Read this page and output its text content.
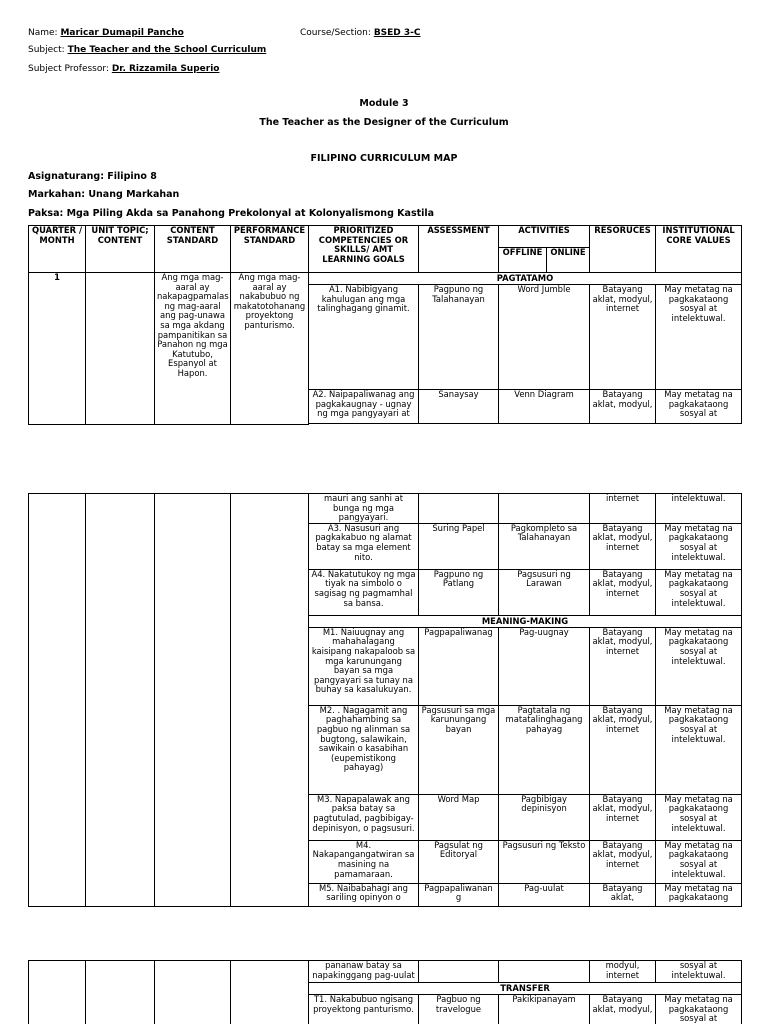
Name: Maricar Dumapil Pancho	Course/Section: BSED 3-C
Subject: The Teacher and the School Curriculum
Subject Professor: Dr. Rizzamila Superio
Module 3
The Teacher as the Designer of the Curriculum
FILIPINO CURRICULUM MAP
Asignaturang: Filipino 8
Markahan: Unang Markahan
Paksa: Mga Piling Akda sa Panahong Prekolonyal at Kolonyalismong Kastila
QUARTER / MONTH	UNIT TOPIC; CONTENT	CONTENT STANDARD	PERFORMANCE STANDARD	PRIORITIZED COMPETENCIES OR SKILLS/ AMT LEARNING GOALS	ASSESSMENT	ACTIVITIES		RESORUCES	INSTITUTIONAL CORE VALUES
						OFFLINE	ONLINE		
1		Ang mga mag-aaral ay nakapagpamalas ng mag-aaral ang pag-unawa sa mga akdang pampanitikan sa Panahon ng mga Katutubo, Espanyol at Hapon.	Ang mga mag-aaral ay nakabubuo ng makatotohanang proyektong panturismo.	PAGTATAMO					
				A1. Nabibigyang kahulugan ang mga talinghagang ginamit.	Pagpuno ng Talahanayan	Word Jumble		Batayang aklat, modyul, internet	May metatag na pagkakataong sosyal at intelektuwal.
				A2. Naipapaliwanag ang pagkakaugnay - ugnay ng mga pangyayari at	Sanaysay	Venn Diagram		Batayang aklat, modyul,	May metatag na pagkakataong sosyal at

				mauri ang sanhi at bunga ng mga pangyayari.			internet	intelektuwal.
				A3. Nasusuri ang pagkakabuo ng alamat batay sa mga element nito.	Suring Papel	Pagkompleto sa Talahanayan	Batayang aklat, modyul, internet	May metatag na pagkakataong sosyal at intelektuwal.
				A4. Nakatutukoy ng mga tiyak na simbolo o sagisag ng pagmamhal sa bansa.	Pagpuno ng Patlang	Pagsusuri ng Larawan	Batayang aklat, modyul, internet	May metatag na pagkakataong sosyal at intelektuwal.
				MEANING-MAKING				
				M1. Naiuugnay ang mahahalagang kaisipang nakapaloob sa mga karunungang bayan sa mga pangyayari sa tunay na buhay sa kasalukuyan.	Pagpapaliwanag	Pag-uugnay	Batayang aklat, modyul, internet	May metatag na pagkakataong sosyal at intelektuwal.
				M2. . Nagagamit ang paghahambing sa pagbuo ng alinman sa bugtong, salawikain, sawikain o kasabihan (eupemistikong pahayag)	Pagsusuri sa mga karunungang bayan	Pagtatala ng matatalinghagang pahayag	Batayang aklat, modyul, internet	May metatag na pagkakataong sosyal at intelektuwal.
				M3. Napapalawak ang paksa batay sa pagtutulad, pagbibigay-depinisyon, o pagsusuri.	Word Map	Pagbibigay depinisyon	Batayang aklat, modyul, internet	May metatag na pagkakataong sosyal at intelektuwal.
				M4. Nakapangangatwiran sa masining na pamamaraan.	Pagsulat ng Editoryal	Pagsusuri ng Teksto	Batayang aklat, modyul, internet	May metatag na pagkakataong sosyal at intelektuwal.
				M5. Naibabahagi ang sariling opinyon o	Pagpapaliwanan g	Pag-uulat	Batayang aklat,	May metatag na pagkakataong

				pananaw batay sa napakinggang pag-uulat			modyul, internet	sosyal at intelektuwal.
				TRANSFER				
				T1. Nakabubuo ngisang proyektong panturismo.	Pagbuo ng travelogue	Pakikipanayam	Batayang aklat, modyul,	May metatag na pagkakataong sosyal at
